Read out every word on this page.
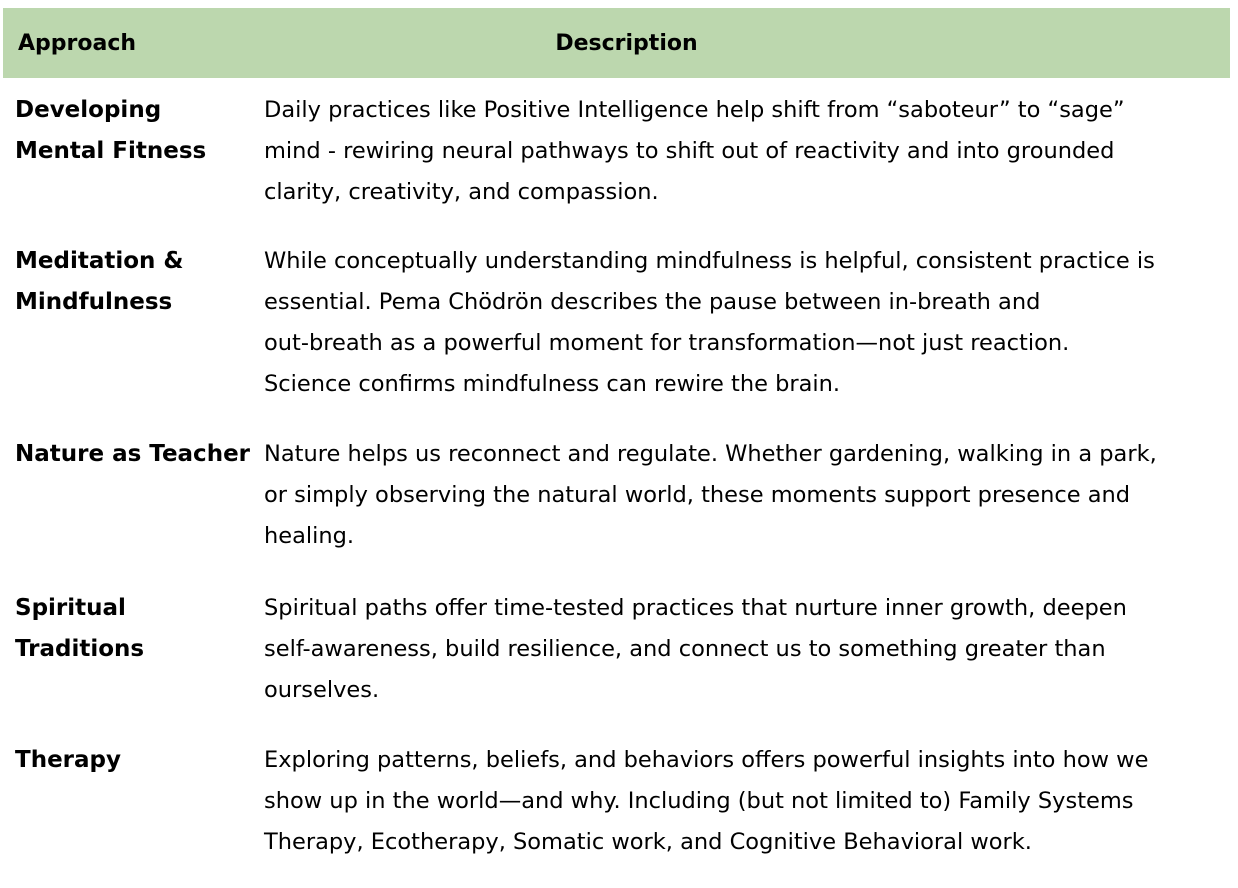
Approach	Description
Developing
Mental Fitness
Daily practices like Positive Intelligence help shift from “saboteur” to “sage”
mind - rewiring neural pathways to shift out of reactivity and into grounded
clarity, creativity, and compassion.
Meditation &
Mindfulness
While conceptually understanding mindfulness is helpful, consistent practice is
essential. Pema Chödrön describes the pause between in-breath and
out-breath as a powerful moment for transformation—not just reaction.
Science confirms mindfulness can rewire the brain.
Nature as Teacher Nature helps us reconnect and regulate. Whether gardening, walking in a park,
or simply observing the natural world, these moments support presence and
healing.
Spiritual
Traditions
Spiritual paths offer time-tested practices that nurture inner growth, deepen
self-awareness, build resilience, and connect us to something greater than
ourselves.
Therapy	Exploring patterns, beliefs, and behaviors offers powerful insights into how we
show up in the world—and why. Including (but not limited to) Family Systems
Therapy, Ecotherapy, Somatic work, and Cognitive Behavioral work.
